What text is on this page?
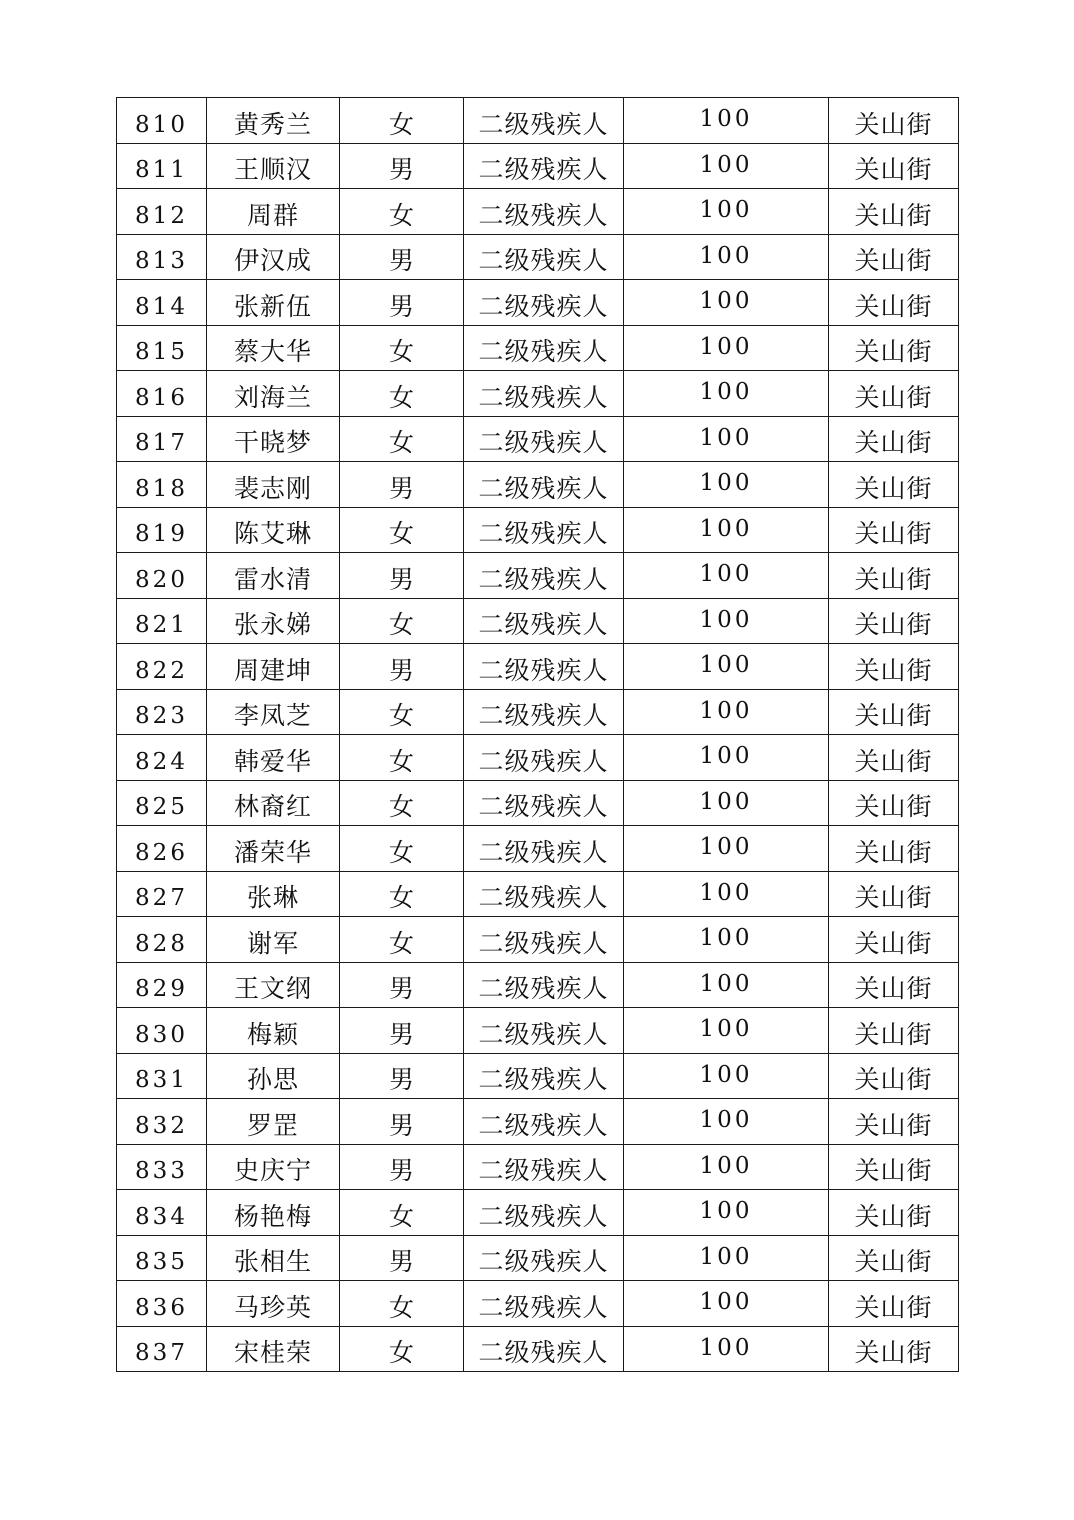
810	黄秀兰	女	二级残疾人	100	关山街
811	王顺汉	男	二级残疾人	100	关山街
812	周群	女	二级残疾人	100	关山街
813	伊汉成	男	二级残疾人	100	关山街
814	张新伍	男	二级残疾人	100	关山街
815	蔡大华	女	二级残疾人	100	关山街
816	刘海兰	女	二级残疾人	100	关山街
817	干晓梦	女	二级残疾人	100	关山街
818	裴志刚	男	二级残疾人	100	关山街
819	陈艾琳	女	二级残疾人	100	关山街
820	雷水清	男	二级残疾人	100	关山街
821	张永娣	女	二级残疾人	100	关山街
822	周建坤	男	二级残疾人	100	关山街
823	李凤芝	女	二级残疾人	100	关山街
824	韩爱华	女	二级残疾人	100	关山街
825	林裔红	女	二级残疾人	100	关山街
826	潘荣华	女	二级残疾人	100	关山街
827	张琳	女	二级残疾人	100	关山街
828	谢军	女	二级残疾人	100	关山街
829	王文纲	男	二级残疾人	100	关山街
830	梅颖	男	二级残疾人	100	关山街
831	孙思	男	二级残疾人	100	关山街
832	罗罡	男	二级残疾人	100	关山街
833	史庆宁	男	二级残疾人	100	关山街
834	杨艳梅	女	二级残疾人	100	关山街
835	张相生	男	二级残疾人	100	关山街
836	马珍英	女	二级残疾人	100	关山街
837	宋桂荣	女	二级残疾人	100	关山街
